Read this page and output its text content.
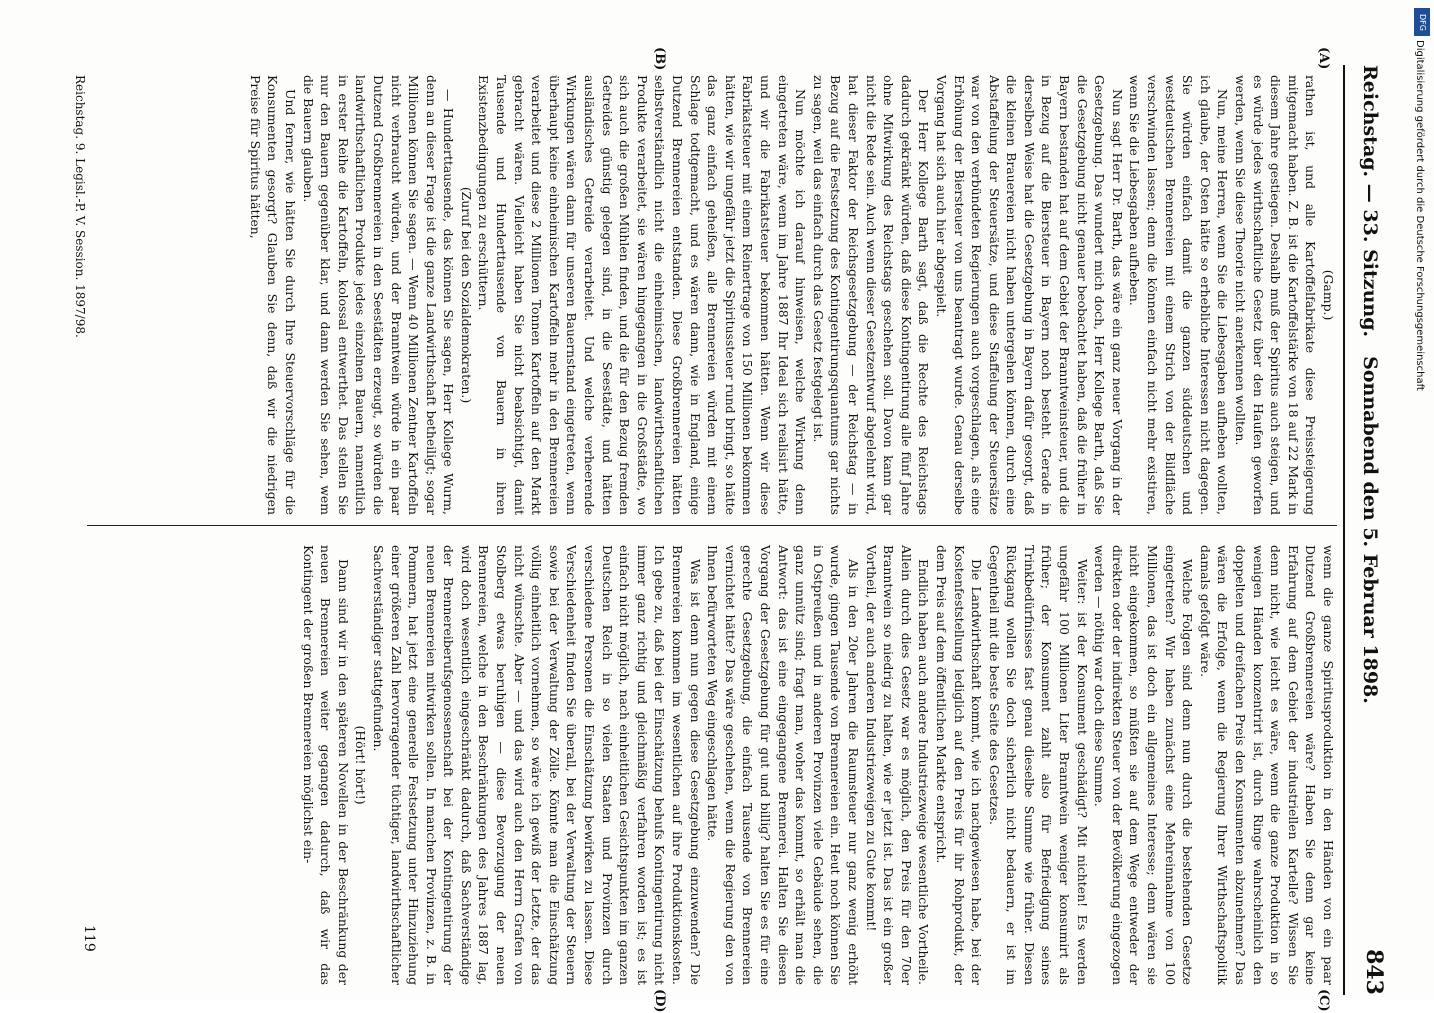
Reichstag. — 33. Sitzung.
Sonnabend den 5. Februar 1898.
843
(A)
(B)
(C)
(D)

(Gamp.)

rathen ist, und alle Kartoffelfabrikate diese Preissteigerung mitgemacht haben. Z. B. ist die Kartoffelstärke von 18 auf 22 Mark in diesem Jahre gestiegen. Deshalb muß der Spiritus auch steigen, und es würde jedes wirthschaftliche Gesetz über den Haufen geworfen werden, wenn Sie diese Theorie nicht anerkennen wollten.

Nun, meine Herren, wenn Sie die Liebesgaben aufheben wollten, ich glaube, der Osten hätte so erhebliche Interessen nicht dagegen. Sie würden einfach damit die ganzen süddeutschen und westdeutschen Brennereien mit einem Strich von der Bildfläche verschwinden lassen; denn die können einfach nicht mehr existiren, wenn Sie die Liebesgaben aufheben.

Nun sagt Herr Dr. Barth, das wäre ein ganz neuer Vorgang in der Gesetzgebung. Das wundert mich doch, Herr Kollege Barth, daß Sie die Gesetzgebung nicht genauer beobachtet haben, daß die früher in Bayern bestanden hat auf dem Gebiet der Branntweinsteuer, und die in Bezug auf die Biersteuer in Bayern noch besteht. Gerade in derselben Weise hat die Gesetzgebung in Bayern dafür gesorgt, daß die kleinen Brauereien nicht haben untergehen können, durch eine Abstaffelung der Steuersätze, und diese Staffelung der Steuersätze war von den verbündeten Regierungen auch vorgeschlagen, als eine Erhöhung der Biersteuer von uns beantragt wurde. Genau derselbe Vorgang hat sich auch hier abgespielt.

Der Herr Kollege Barth sagt, daß die Rechte des Reichstags dadurch gekränkt würden, daß diese Kontingentirung alle fünf Jahre ohne Mitwirkung des Reichstags geschehen soll. Davon kann gar nicht die Rede sein. Auch wenn dieser Gesetzentwurf abgelehnt wird, hat dieser Faktor der Reichsgesetzgebung — der Reichstag — in Bezug auf die Festsetzung des Kontingentirungsquantums gar nichts zu sagen, weil das einfach durch das Gesetz festgelegt ist.

Nun möchte ich darauf hinweisen, welche Wirkung denn eingetreten wäre, wenn im Jahre 1887 Ihr Ideal sich realisirt hätte, und wir die Fabrikatsteuer bekommen hätten. Wenn wir diese Fabrikatsteuer mit einem Reinertrage von 150 Millionen bekommen hätten, wie wir ungefähr jetzt die Spiritussteuer rund bringt, so hätte das ganz einfach geheißen, alle Brennereien würden mit einem Schlage todtgemacht, und es wären dann, wie in England, einige Dutzend Brennereien entstanden. Diese Großbrennereien hätten selbstverständlich nicht die einheimischen, landwirthschaftlichen Produkte verarbeitet, sie wären hingegangen in die Großstädte, wo sich auch die großen Mühlen finden, und die für den Bezug fremden Getreides günstig gelegen sind, in die Seestädte, und hätten ausländisches Getreide verarbeitet. Und welche verheerende Wirkungen wären dann für unseren Bauernstand eingetreten, wenn überhaupt keine einheimischen Kartoffeln mehr in den Brennereien verarbeitet und diese 2 Millionen Tonnen Kartoffeln auf den Markt gebracht wären. Vielleicht haben Sie nicht beabsichtigt, damit Tausende und Hunderttausende von Bauern in ihren Existenzbedingungen zu erschüttern.

(Zuruf bei den Sozialdemokraten.)

— Hunderttausende, das können Sie sagen, Herr Kollege Wurm, denn an dieser Frage ist die ganze Landwirthschaft betheiligt; sogar Millionen können Sie sagen. — Wenn 40 Millionen Zentner Kartoffeln nicht verbraucht würden, und der Branntwein würde in ein paar Dutzend Großbrennereien in den Seestädten erzeugt, so würden die landwirthschaftlichen Produkte jedes einzelnen Bauern, namentlich in erster Reihe die Kartoffeln, kolossal entwerthet. Das stellen Sie nur den Bauern gegenüber klar, und dann werden Sie sehen, wem die Bauern glauben.

Und ferner, wie hätten Sie durch Ihre Steuervorschläge für die Konsumenten gesorgt? Glauben Sie denn, daß wir die niedrigen Preise für Spiritus hätten,

wenn die ganze Spiritusproduktion in den Händen von ein paar Dutzend Großbrennereien wäre? Haben Sie denn gar keine Erfahrung auf dem Gebiet der industriellen Kartelle? Wissen Sie denn nicht, wie leicht es wäre, wenn die ganze Produktion in so wenigen Händen konzentrirt ist, durch Ringe wahrscheinlich den doppelten und dreifachen Preis den Konsumenten abzunehmen? Das wären die Erfolge, wenn die Regierung Ihrer Wirthschaftspolitik damals gefolgt wäre.

Welche Folgen sind denn nun durch die bestehenden Gesetze eingetreten? Wir haben zunächst eine Mehreinnahme von 100 Millionen, das ist doch ein allgemeines Interesse; denn wären sie nicht eingekommen, so müßten sie auf dem Wege entweder der direkten oder der indirekten Steuer von der Bevölkerung eingezogen werden — nöthig war doch diese Summe.

Weiter: ist der Konsument geschädigt? Mit nichten! Es werden ungefähr 100 Millionen Liter Branntwein weniger konsumirt als früher; der Konsument zahlt also für Befriedigung seines Trinkbedürfnisses fast genau dieselbe Summe wie früher. Diesen Rückgang wollen Sie doch sicherlich nicht bedauern, er ist im Gegentheil mit die beste Seite des Gesetzes.

Die Landwirthschaft kommt, wie ich nachgewiesen habe, bei der Kostenfeststellung lediglich auf den Preis für ihr Rohprodukt, der dem Preis auf dem öffentlichen Markte entspricht.

Endlich haben auch andere Industriezweige wesentliche Vortheile. Allein durch dies Gesetz war es möglich, den Preis für den 70er Branntwein so niedrig zu halten, wie er jetzt ist. Das ist ein großer Vortheil, der auch anderen Industriezweigen zu Gute kommt!

Als in den 20er Jahren die Raumsteuer nur ganz wenig erhöht wurde, gingen Tausende von Brennereien ein. Heut noch können Sie in Ostpreußen und in anderen Provinzen viele Gebäude sehen, die ganz unnütz sind; fragt man, woher das kommt, so erhält man die Antwort: das ist eine eingegangene Brennerei. Halten Sie diesen Vorgang der Gesetzgebung für gut und billig? halten Sie es für eine gerechte Gesetzgebung, die einfach Tausende von Brennereien vernichtet hätte? Das wäre geschehen, wenn die Regierung den von Ihnen befürworteten Weg eingeschlagen hätte.

Was ist denn nun gegen diese Gesetzgebung einzuwenden? Die Brennereien kommen im wesentlichen auf ihre Produktionskosten. Ich gebe zu, daß bei der Einschätzung behufs Kontingentirung nicht immer ganz richtig und gleichmäßig verfahren worden ist; es ist einfach nicht möglich, nach einheitlichen Gesichtspunkten im ganzen Deutschen Reich in so vielen Staaten und Provinzen durch verschiedene Personen die Einschätzung bewirken zu lassen. Diese Verschiedenheit finden Sie überall, bei der Verwaltung der Steuern sowie bei der Verwaltung der Zölle. Könnte man die Einschätzung völlig einheitlich vornehmen, so wäre ich gewiß der Letzte, der das nicht wünschte. Aber — und das wird auch den Herrn Grafen von Stolberg etwas beruhigen — diese Bevorzugung der neuen Brennereien, welche in den Beschränkungen des Jahres 1887 lag, wird doch wesentlich eingeschränkt dadurch, daß Sachverständige der Brennereiberufsgenossenschaft bei der Kontingentirung der neuen Brennereien mitwirken sollen. In manchen Provinzen, z. B. in Pommern, hat jetzt eine generelle Festsetzung unter Hinzuziehung einer größeren Zahl hervorragender tüchtiger, landwirthschaftlicher Sachverständiger stattgefunden.

(Hört! hört!)

Dann sind wir in den späteren Novellen in der Beschränkung der neuen Brennereien weiter gegangen dadurch, daß wir das Kontingent der großen Brennereien möglichst ein-

Reichstag. 9. Legisl.-P. V. Session. 1897/98.
119
DFG
Digitalisierung gefördert durch die Deutsche Forschungsgemeinschaft
